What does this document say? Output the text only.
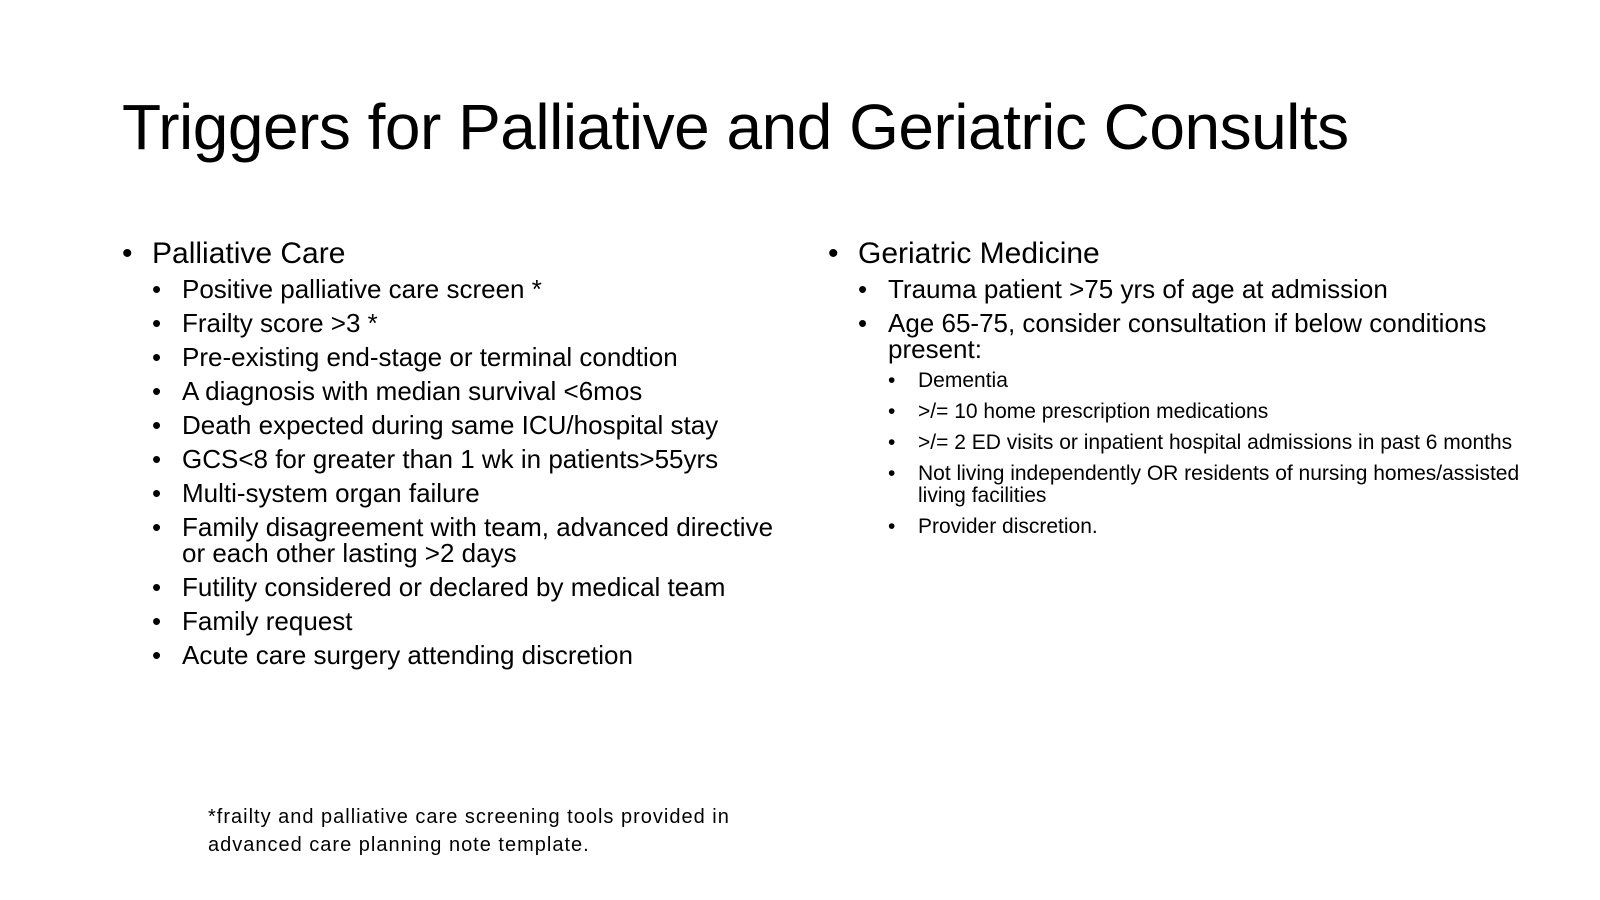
Triggers for Palliative and Geriatric Consults
• Palliative Care
• Positive palliative care screen *
• Frailty score >3 *
• Pre-existing end-stage or terminal condtion
• A diagnosis with median survival <6mos
• Death expected during same ICU/hospital stay
• GCS<8 for greater than 1 wk in patients>55yrs
• Multi-system organ failure
• Family disagreement with team, advanced directive or each other lasting >2 days
• Futility considered or declared by medical team
• Family request
• Acute care surgery attending discretion
*frailty and palliative care screening tools provided in advanced care planning note template.
• Geriatric Medicine
• Trauma patient >75 yrs of age at admission
• Age 65-75, consider consultation if below conditions present:
• Dementia
• >/= 10 home prescription medications
• >/= 2 ED visits or inpatient hospital admissions in past 6 months
• Not living independently OR residents of nursing homes/assisted living facilities
• Provider discretion.
